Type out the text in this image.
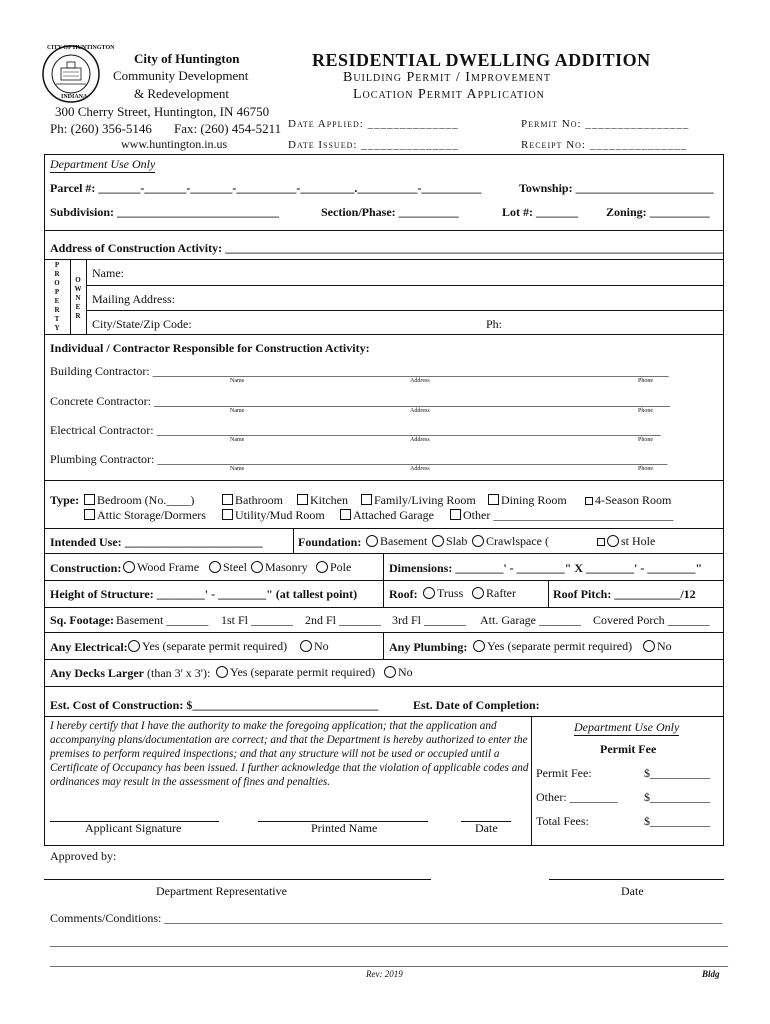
CITY OF HUNTINGTON
INDIANA
City of Huntington
Community Development
& Redevelopment
300 Cherry Street, Huntington, IN 46750
Ph: (260) 356-5146 Fax: (260) 454-5211
www.huntington.in.us
RESIDENTIAL DWELLING ADDITION
Building Permit / Improvement
Location Permit Application
Date Applied: ______________	Permit No: ________________
Date Issued: _______________	Receipt No: _______________
Department Use Only
Parcel #: _______-_______-_______-__________-_________.__________-__________	Township: _______________________
Subdivision: ___________________________	Section/Phase: __________	Lot #: _______ Zoning: __________
Address of Construction Activity: ___________________________________________________________________________________
P
R
O
P
E
R
T
Y
O
W
N
E
R
Name:
Mailing Address:
City/State/Zip Code:	Ph:
Individual / Contractor Responsible for Construction Activity:
Building Contractor: ______________________________________________________________________________________
Name	Address	Phone
Concrete Contractor: ______________________________________________________________________________________
Name	Address	Phone
Electrical Contractor: ____________________________________________________________________________________
Name	Address	Phone
Plumbing Contractor: _____________________________________________________________________________________
Name	Address	Phone
Type:	Bedroom (No.____)	Bathroom	Kitchen	Family/Living Room	Dining Room	4-Season Room
Attic Storage/Dormers	Utility/Mud Room	Attached Garage	Other ______________________________
Intended Use: _______________________	Foundation:	Basement	Slab	Crawlspace (	st Hole
Construction:	Wood Frame	Steel	Masonry	Pole	Dimensions: ________' - ________" X ________' - ________"
Height of Structure: ________' - ________" (at tallest point)	Roof:	Truss	Rafter	Roof Pitch: ___________/12
Sq. Footage: Basement _______ 1st Fl _______ 2nd Fl _______ 3rd Fl _______ Att. Garage _______ Covered Porch _______
Any Electrical:	Yes (separate permit required)	No	Any Plumbing:	Yes (separate permit required)	No
Any Decks Larger (than 3' x 3'):	Yes (separate permit required)	No
Est. Cost of Construction: $_______________________________	Est. Date of Completion:
I hereby certify that I have the authority to make the foregoing application; that the application and accompanying plans/documentation are correct; and that the Department is hereby authorized to enter the premises to perform required inspections; and that any structure will not be used or occupied until a Certificate of Occupancy has been issued. I further acknowledge that the violation of applicable codes and ordinances may result in the assessment of fines and penalties.
Applicant Signature	Printed Name	Date
Department Use Only
Permit Fee
Permit Fee:	$__________
Other: ________ $__________
Total Fees:	$__________
Approved by:
Department Representative	Date
Comments/Conditions: _____________________________________________________________________________________________
_________________________________________________________________________________________________________________
_________________________________________________________________________________________________________________
Rev: 2019	Bldg
